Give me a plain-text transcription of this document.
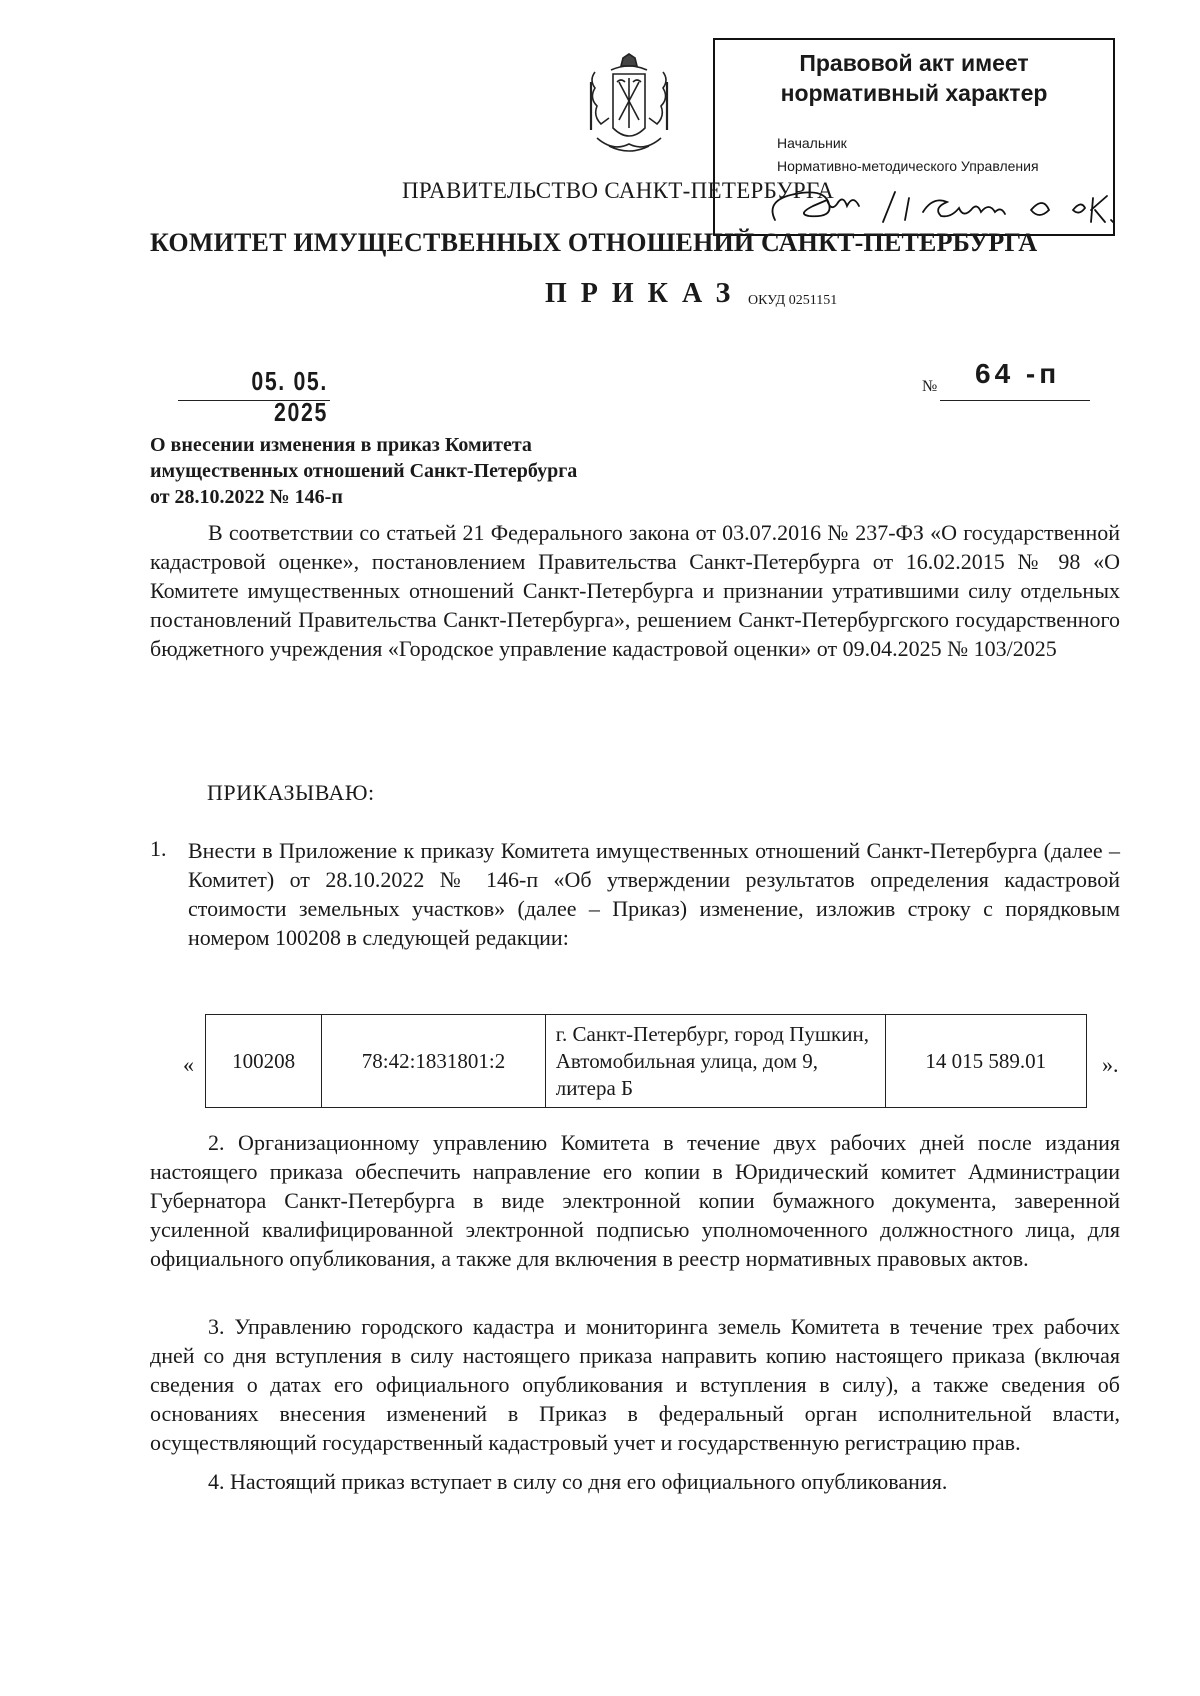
Правовой акт имеет
нормативный характер
Начальник
Нормативно-методического Управления
ПРАВИТЕЛЬСТВО САНКТ-ПЕТЕРБУРГА
КОМИТЕТ ИМУЩЕСТВЕННЫХ ОТНОШЕНИЙ САНКТ-ПЕТЕРБУРГА
ПРИКАЗ ОКУД 0251151
05. 05. 2025
№ 64 -п
О внесении изменения в приказ Комитета
имущественных отношений Санкт-Петербурга
от 28.10.2022 № 146-п
В соответствии со статьей 21 Федерального закона от 03.07.2016 № 237-ФЗ «О государственной кадастровой оценке», постановлением Правительства Санкт-Петербурга от 16.02.2015 № 98 «О Комитете имущественных отношений Санкт-Петербурга и признании утратившими силу отдельных постановлений Правительства Санкт-Петербурга», решением Санкт-Петербургского государственного бюджетного учреждения «Городское управление кадастровой оценки» от 09.04.2025 № 103/2025
ПРИКАЗЫВАЮ:
1. Внести в Приложение к приказу Комитета имущественных отношений Санкт-Петербурга (далее – Комитет) от 28.10.2022 № 146-п «Об утверждении результатов определения кадастровой стоимости земельных участков» (далее – Приказ) изменение, изложив строку с порядковым номером 100208 в следующей редакции:
« 100208	78:42:1831801:2	г. Санкт-Петербург, город Пушкин, Автомобильная улица, дом 9, литера Б	14 015 589.01	».
2. Организационному управлению Комитета в течение двух рабочих дней после издания настоящего приказа обеспечить направление его копии в Юридический комитет Администрации Губернатора Санкт-Петербурга в виде электронной копии бумажного документа, заверенной усиленной квалифицированной электронной подписью уполномоченного должностного лица, для официального опубликования, а также для включения в реестр нормативных правовых актов.
3. Управлению городского кадастра и мониторинга земель Комитета в течение трех рабочих дней со дня вступления в силу настоящего приказа направить копию настоящего приказа (включая сведения о датах его официального опубликования и вступления в силу), а также сведения об основаниях внесения изменений в Приказ в федеральный орган исполнительной власти, осуществляющий государственный кадастровый учет и государственную регистрацию прав.
4. Настоящий приказ вступает в силу со дня его официального опубликования.
